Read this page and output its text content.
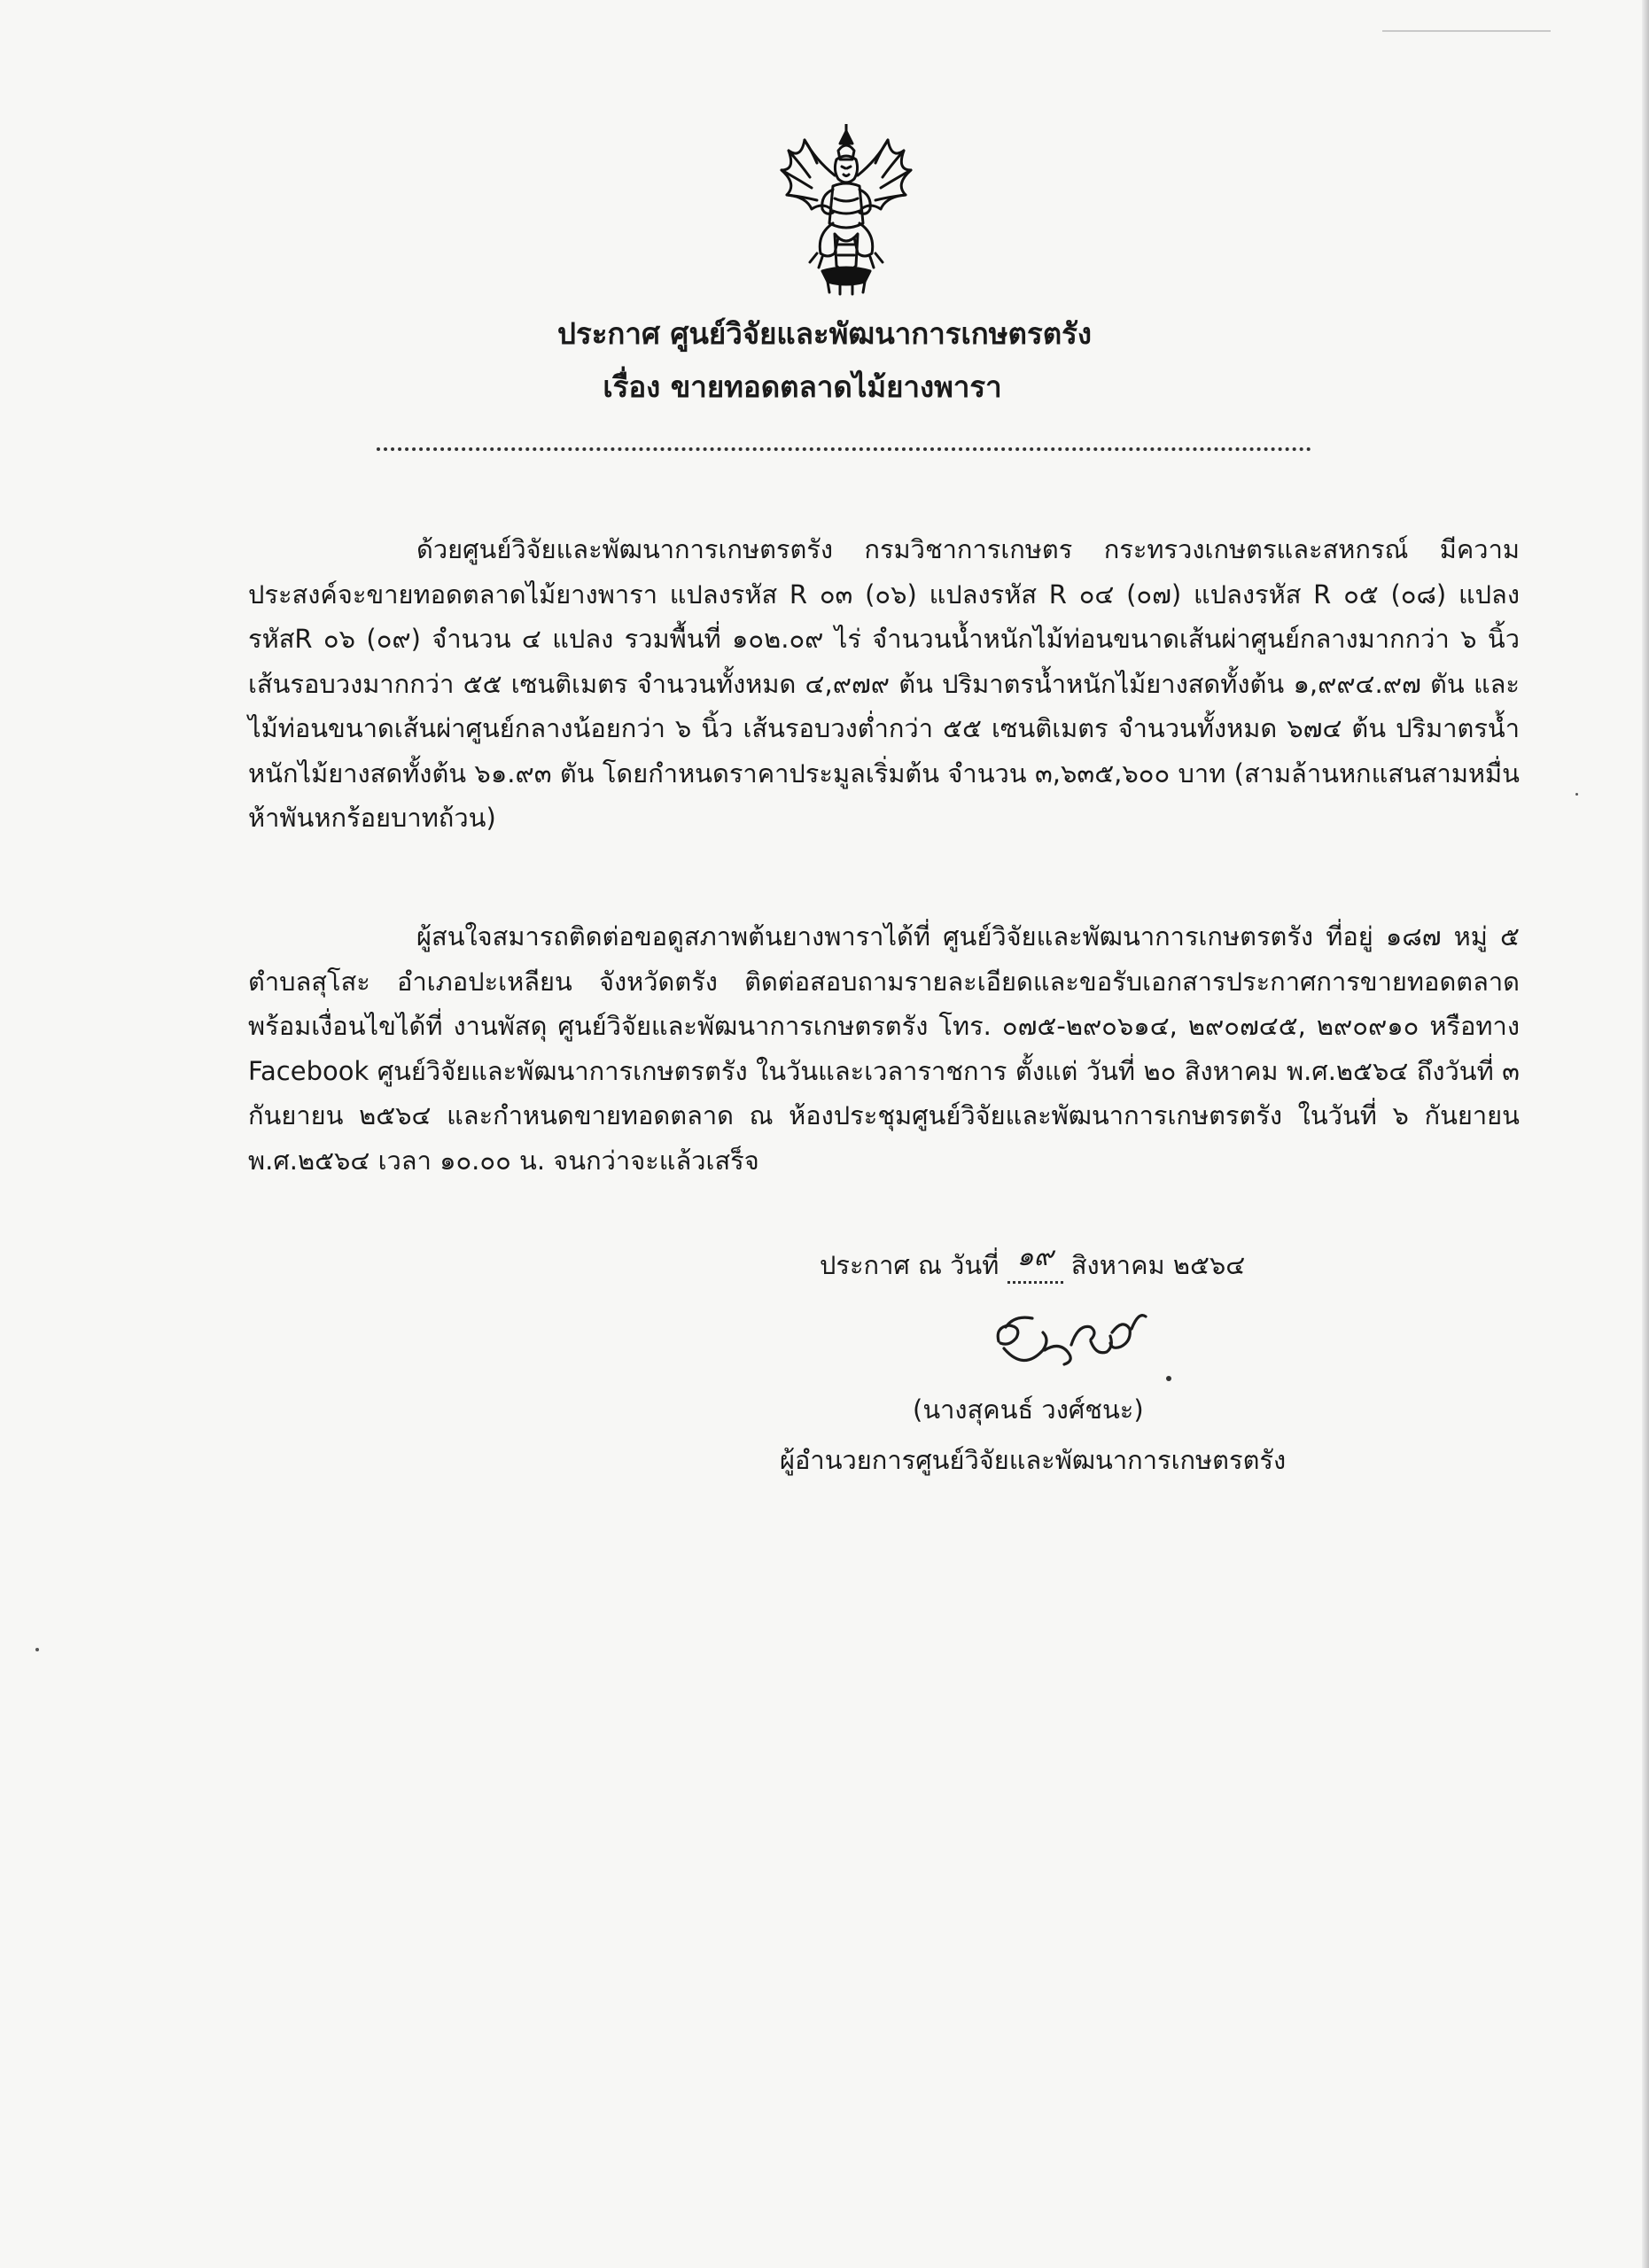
ประกาศ ศูนย์วิจัยและพัฒนาการเกษตรตรัง
เรื่อง ขายทอดตลาดไม้ยางพารา
ด้วยศูนย์วิจัยและพัฒนาการเกษตรตรัง กรมวิชาการเกษตร กระทรวงเกษตรและสหกรณ์ มีความประสงค์จะขายทอดตลาดไม้ยางพารา แปลงรหัส R ๐๓ (๐๖) แปลงรหัส R ๐๔ (๐๗) แปลงรหัส R ๐๕ (๐๘) แปลงรหัสR ๐๖ (๐๙) จำนวน ๔ แปลง รวมพื้นที่ ๑๐๒.๐๙ ไร่ จำนวนน้ำหนักไม้ท่อนขนาดเส้นผ่าศูนย์กลางมากกว่า ๖ นิ้ว เส้นรอบวงมากกว่า ๕๕ เซนติเมตร จำนวนทั้งหมด ๔,๙๗๙ ต้น ปริมาตรน้ำหนักไม้ยางสดทั้งต้น ๑,๙๙๔.๙๗ ตัน และไม้ท่อนขนาดเส้นผ่าศูนย์กลางน้อยกว่า ๖ นิ้ว เส้นรอบวงต่ำกว่า ๕๕ เซนติเมตร จำนวนทั้งหมด ๖๗๔ ต้น ปริมาตรน้ำหนักไม้ยางสดทั้งต้น ๖๑.๙๓ ตัน โดยกำหนดราคาประมูลเริ่มต้น จำนวน ๓,๖๓๕,๖๐๐ บาท (สามล้านหกแสนสามหมื่นห้าพันหกร้อยบาทถ้วน)
ผู้สนใจสมารถติดต่อขอดูสภาพต้นยางพาราได้ที่ ศูนย์วิจัยและพัฒนาการเกษตรตรัง ที่อยู่ ๑๘๗ หมู่ ๕ ตำบลสุโสะ อำเภอปะเหลียน จังหวัดตรัง ติดต่อสอบถามรายละเอียดและขอรับเอกสารประกาศการขายทอดตลาดพร้อมเงื่อนไขได้ที่ งานพัสดุ ศูนย์วิจัยและพัฒนาการเกษตรตรัง โทร. ๐๗๕-๒๙๐๖๑๔, ๒๙๐๗๔๕, ๒๙๐๙๑๐ หรือทาง Facebook ศูนย์วิจัยและพัฒนาการเกษตรตรัง ในวันและเวลาราชการ ตั้งแต่ วันที่ ๒๐ สิงหาคม พ.ศ.๒๕๖๔ ถึงวันที่ ๓ กันยายน ๒๕๖๔ และกำหนดขายทอดตลาด ณ ห้องประชุมศูนย์วิจัยและพัฒนาการเกษตรตรัง ในวันที่ ๖ กันยายน พ.ศ.๒๕๖๔ เวลา ๑๐.๐๐ น. จนกว่าจะแล้วเสร็จ
ประกาศ ณ วันที่ ๑๙ สิงหาคม ๒๕๖๔
(นางสุคนธ์ วงศ์ชนะ)
ผู้อำนวยการศูนย์วิจัยและพัฒนาการเกษตรตรัง
